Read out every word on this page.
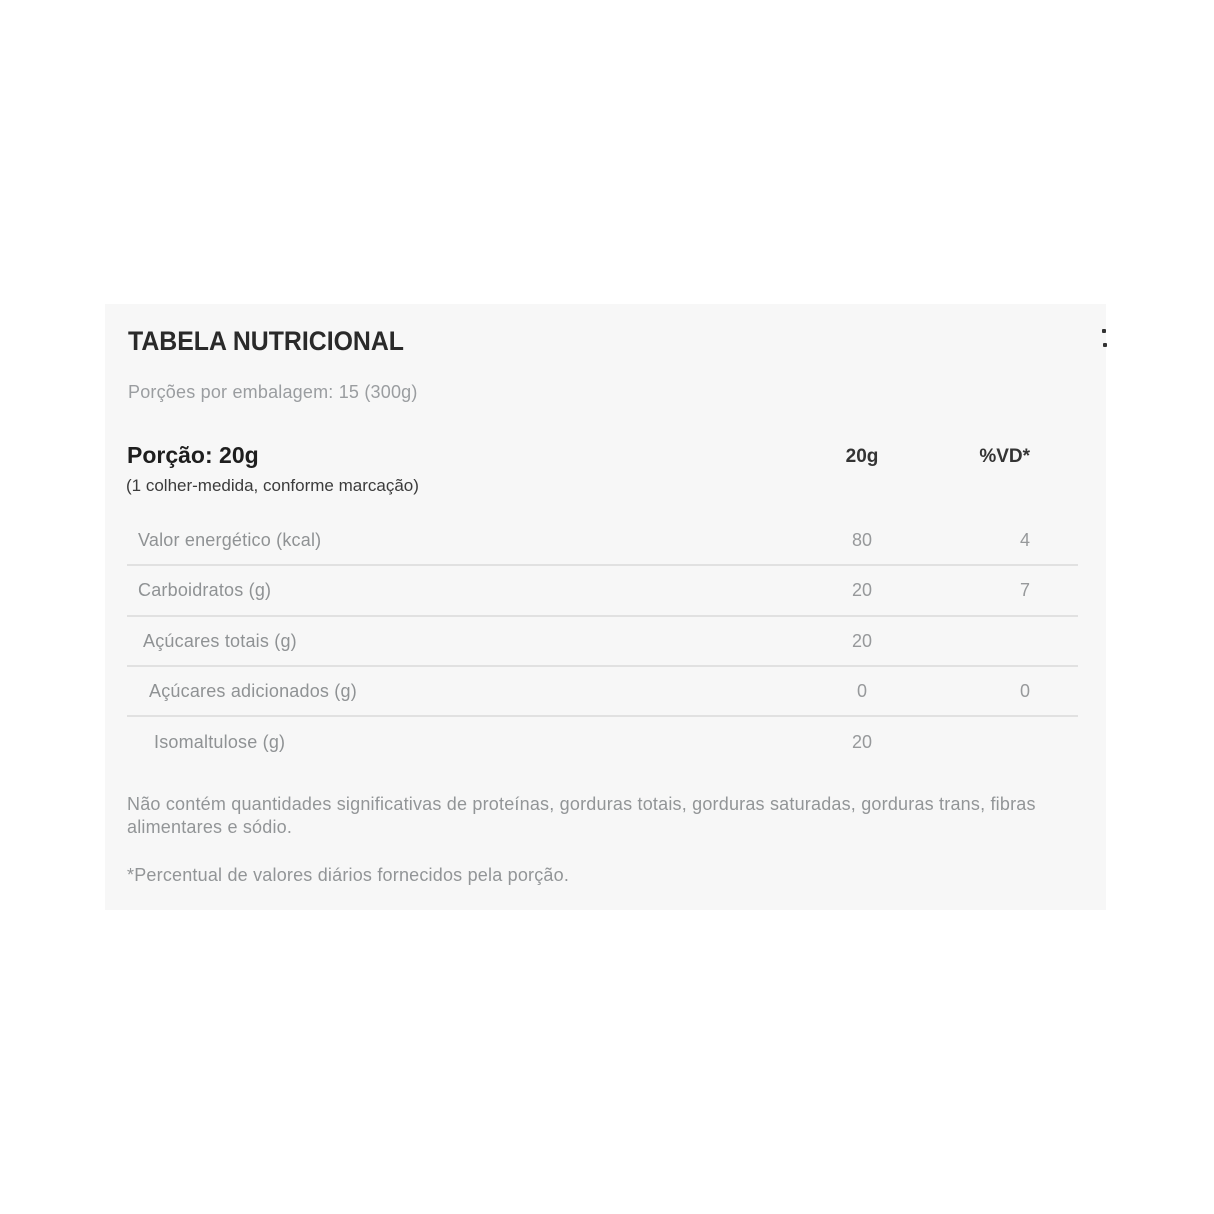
TABELA NUTRICIONAL
Porções por embalagem: 15 (300g)
Porção: 20g	20g	%VD*
(1 colher-medida, conforme marcação)
Valor energético (kcal)	80	4
Carboidratos (g)	20	7
Açúcares totais (g)	20
Açúcares adicionados (g)	0	0
Isomaltulose (g)	20
Não contém quantidades significativas de proteínas, gorduras totais, gorduras saturadas, gorduras trans, fibras alimentares e sódio.
*Percentual de valores diários fornecidos pela porção.
